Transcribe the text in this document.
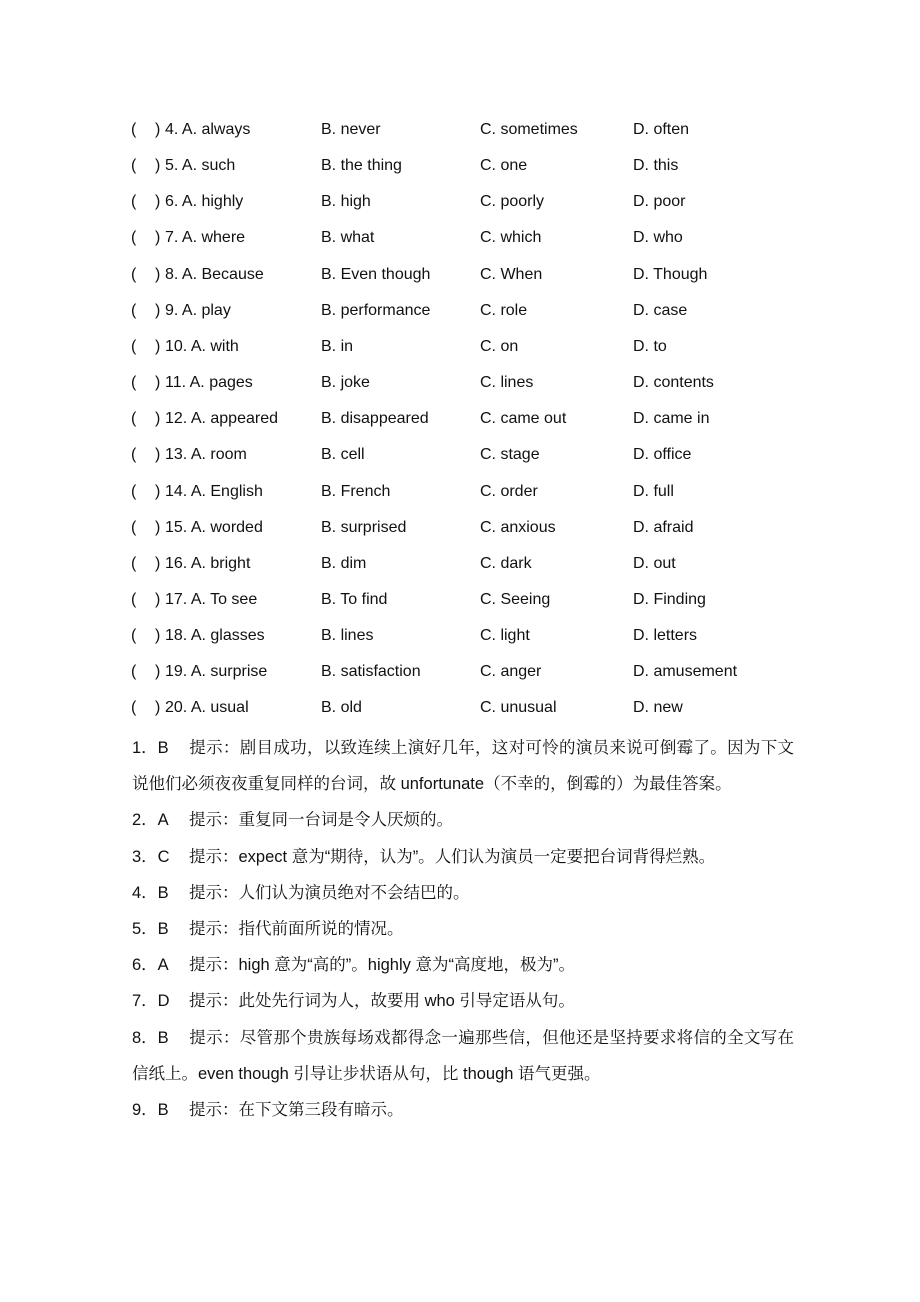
( ) 4. A. always	B. never	C. sometimes	D. often
( ) 5. A. such	B. the thing	C. one	D. this
( ) 6. A. highly	B. high	C. poorly	D. poor
( ) 7. A. where	B. what	C. which	D. who
( ) 8. A. Because	B. Even though	C. When	D. Though
( ) 9. A. play	B. performance	C. role	D. case
( ) 10. A. with	B. in	C. on	D. to
( ) 11. A. pages	B. joke	C. lines	D. contents
( ) 12. A. appeared	B. disappeared	C. came out	D. came in
( ) 13. A. room	B. cell	C. stage	D. office
( ) 14. A. English	B. French	C. order	D. full
( ) 15. A. worded	B. surprised	C. anxious	D. afraid
( ) 16. A. bright	B. dim	C. dark	D. out
( ) 17. A. To see	B. To find	C. Seeing	D. Finding
( ) 18. A. glasses	B. lines	C. light	D. letters
( ) 19. A. surprise	B. satisfaction	C. anger	D. amusement
( ) 20. A. usual	B. old	C. unusual	D. new

1．B 提示：剧目成功，以致连续上演好几年，这对可怜的演员来说可倒霉了。因为下文说他们必须夜夜重复同样的台词，故 unfortunate（不幸的，倒霉的）为最佳答案。

2．A 提示：重复同一台词是令人厌烦的。

3．C 提示：expect 意为“期待，认为”。人们认为演员一定要把台词背得烂熟。

4．B 提示：人们认为演员绝对不会结巴的。

5．B 提示：指代前面所说的情况。

6．A 提示：high 意为“高的”。highly 意为“高度地，极为”。

7．D 提示：此处先行词为人，故要用 who 引导定语从句。

8．B 提示：尽管那个贵族每场戏都得念一遍那些信，但他还是坚持要求将信的全文写在信纸上。even though 引导让步状语从句，比 though 语气更强。

9．B 提示：在下文第三段有暗示。
